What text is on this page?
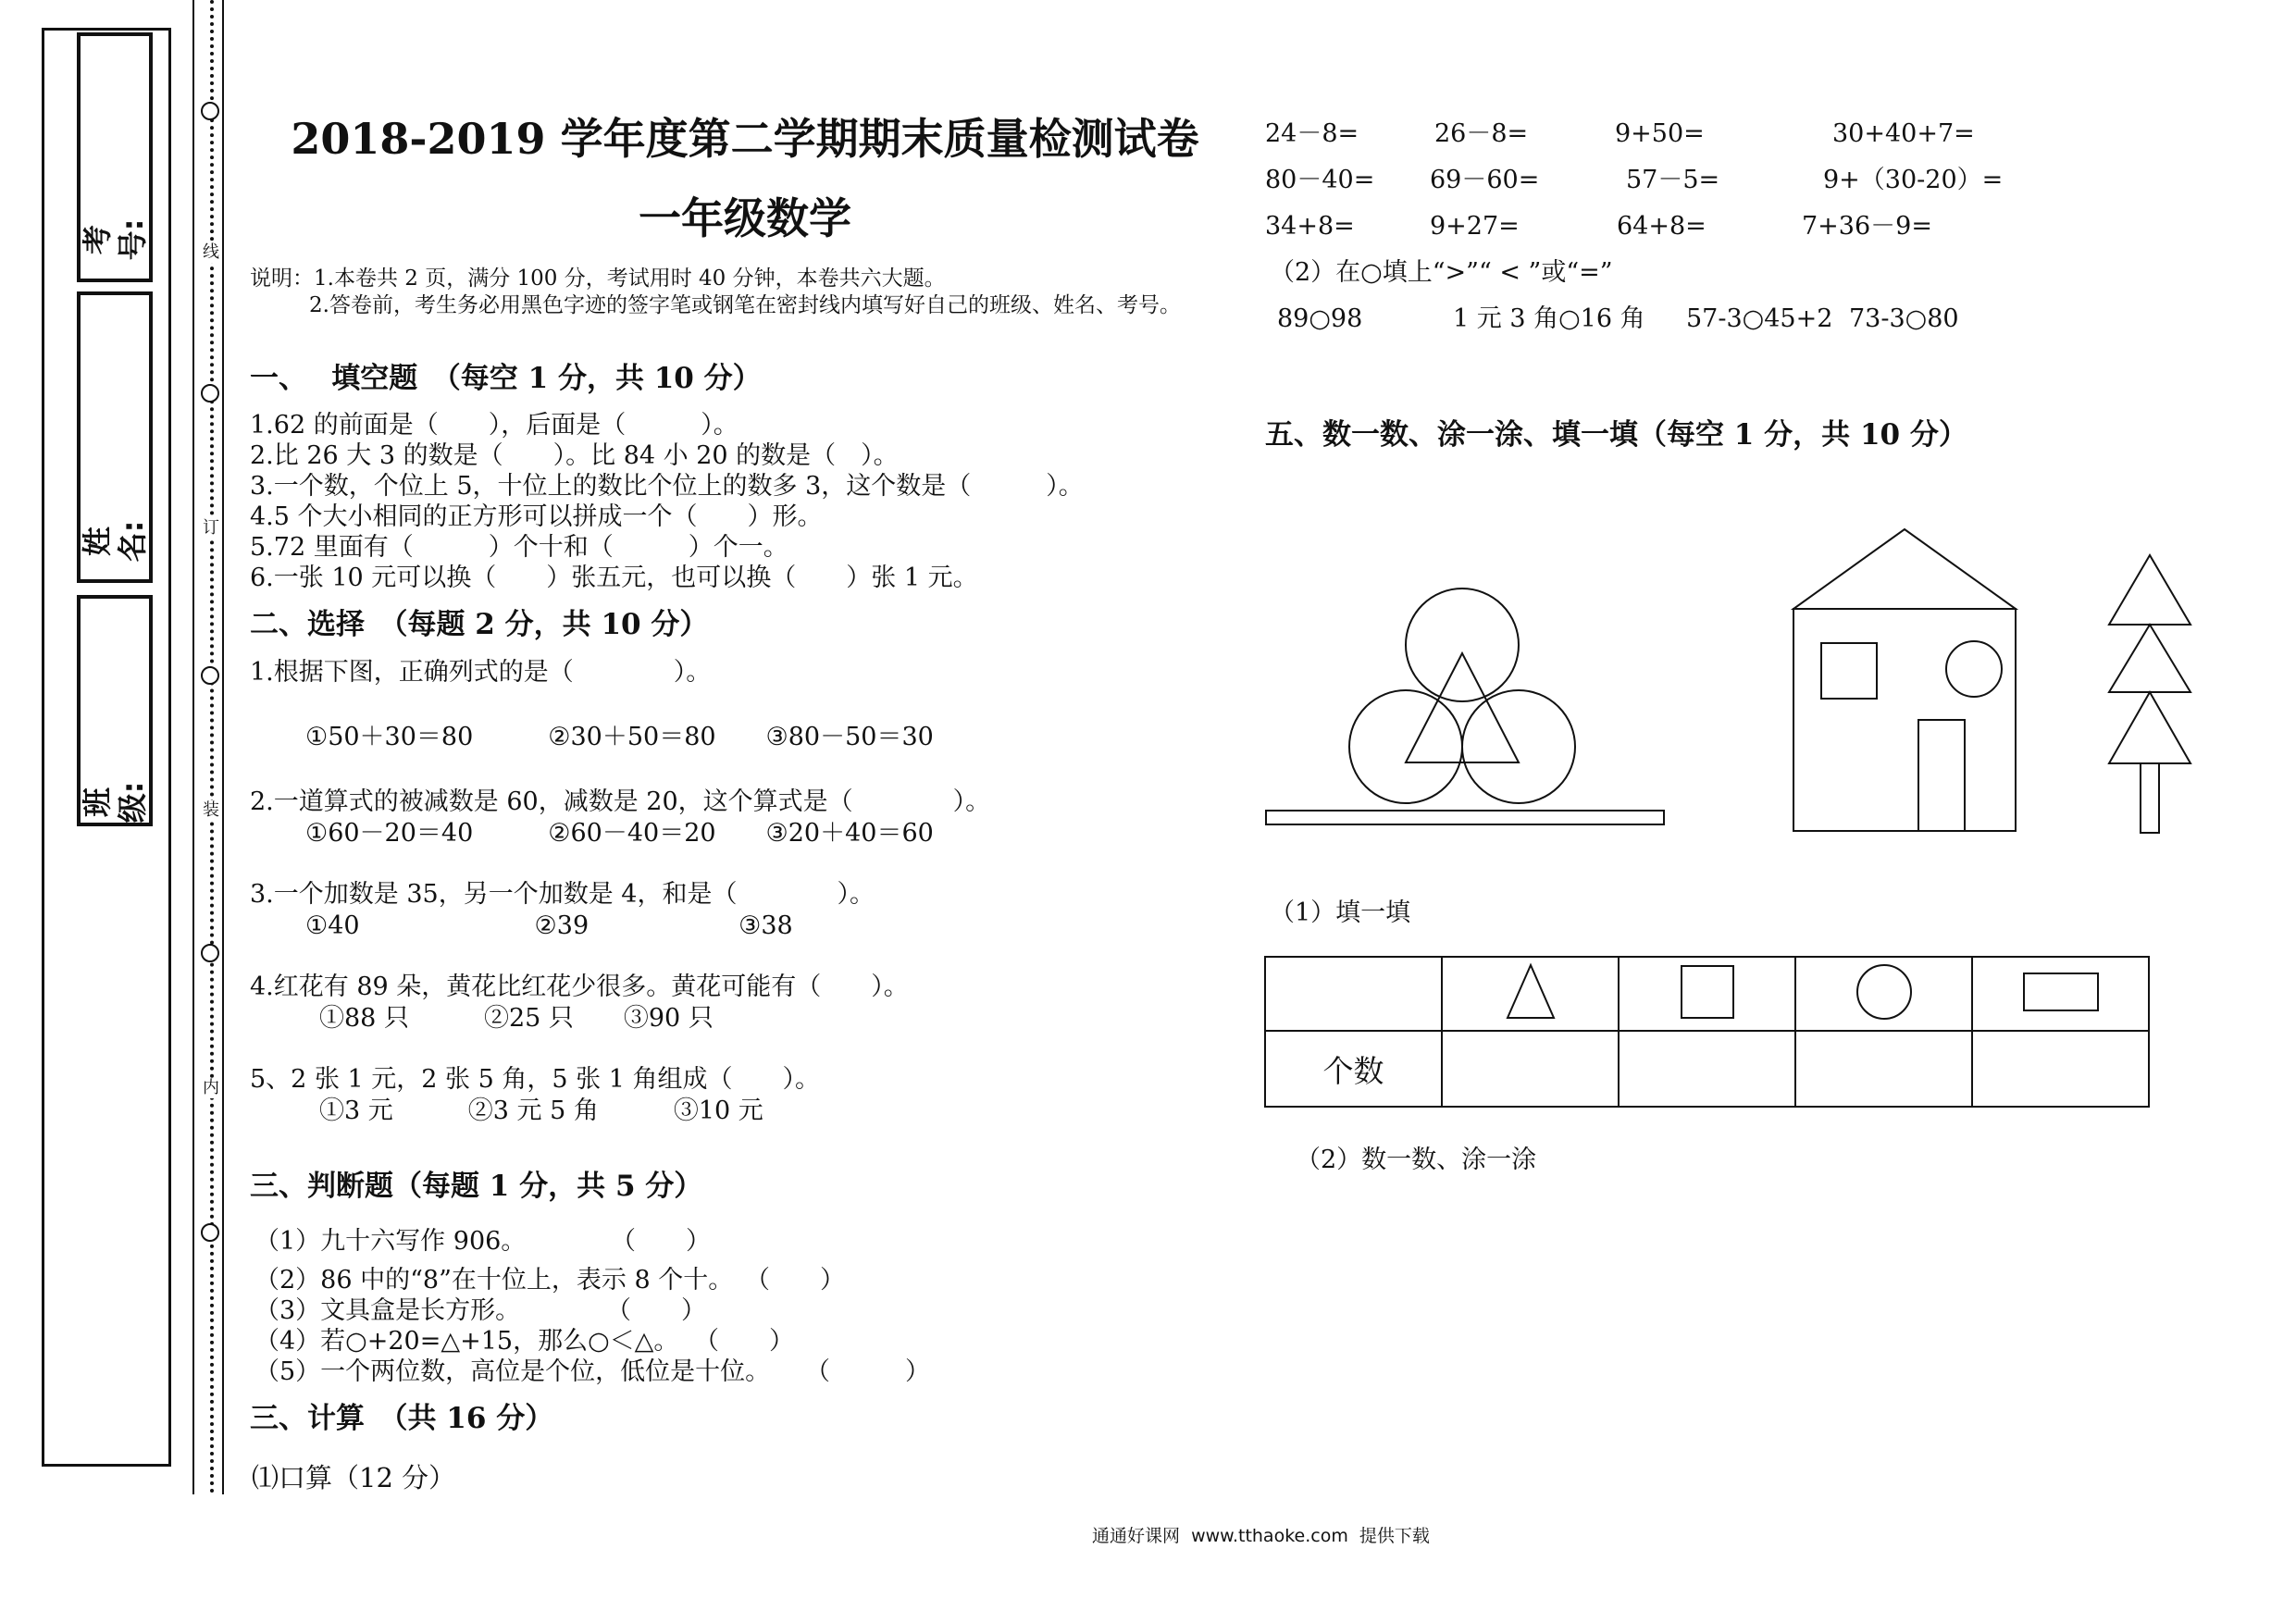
考号:
姓名:
班级:
线
订
装
内
2018-2019 学年度第二学期期末质量检测试卷
一年级数学
说明：1.本卷共 2 页，满分 100 分，考试用时 40 分钟，本卷共六大题。
2.答卷前，考生务必用黑色字迹的签字笔或钢笔在密封线内填写好自己的班级、姓名、考号。
一、　 填空题　（每空 1 分，共 10 分）
1.62 的前面是（　　），后面是（　　　）。
2.比 26 大 3 的数是（　　）。比 84 小 20 的数是（　）。
3.一个数，个位上 5，十位上的数比个位上的数多 3，这个数是（　　　）。
4.5 个大小相同的正方形可以拼成一个（　　）形。
5.72 里面有（　　　）个十和（　　　）个一。
6.一张 10 元可以换（　　）张五元，也可以换（　　）张 1 元。
二、选择　（每题 2 分，共 10 分）
1.根据下图，正确列式的是（　　　　）。
①50＋30＝80　　　②30＋50＝80　　③80－50＝30
2.一道算式的被减数是 60，减数是 20，这个算式是（　　　　）。
①60－20＝40　　　②60－40＝20　　③20＋40＝60
3.一个加数是 35，另一个加数是 4，和是（　　　　）。
①40　　　　　　　②39　　　　　　③38
4.红花有 89 朵，黄花比红花少很多。黄花可能有（　　）。
①88 只　　　②25 只　　③90 只
5、2 张 1 元，2 张 5 角，5 张 1 角组成（　　）。
①3 元　　　②3 元 5 角　　　③10 元
三、判断题（每题 1 分，共 5 分）
（1）九十六写作 906。	（　　）
（2）86 中的“8”在十位上，表示 8 个十。 （　　）
（3）文具盒是长方形。	（　　）
（4）若○+20=△+15，那么○＜△。 （　　）
（5）一个两位数，高位是个位，低位是十位。 （　　　）
三、计算　（共 16 分）
⑴口算（12 分）
24－8=	26－8=	9+50=	30+40+7=
80－40= 69－60=	57－5=	9+（30-20）=
34+8=	9+27=	64+8=	7+36－9=
（2）在○填上“>”“ < ”或“=”
89○98	1 元 3 角○16 角 57-3○45+2 73-3○80
五、数一数、涂一涂、填一填（每空 1 分，共 10 分）
（1）填一填

个数				
（2）数一数、涂一涂
通通好课网  www.tthaoke.com  提供下载
